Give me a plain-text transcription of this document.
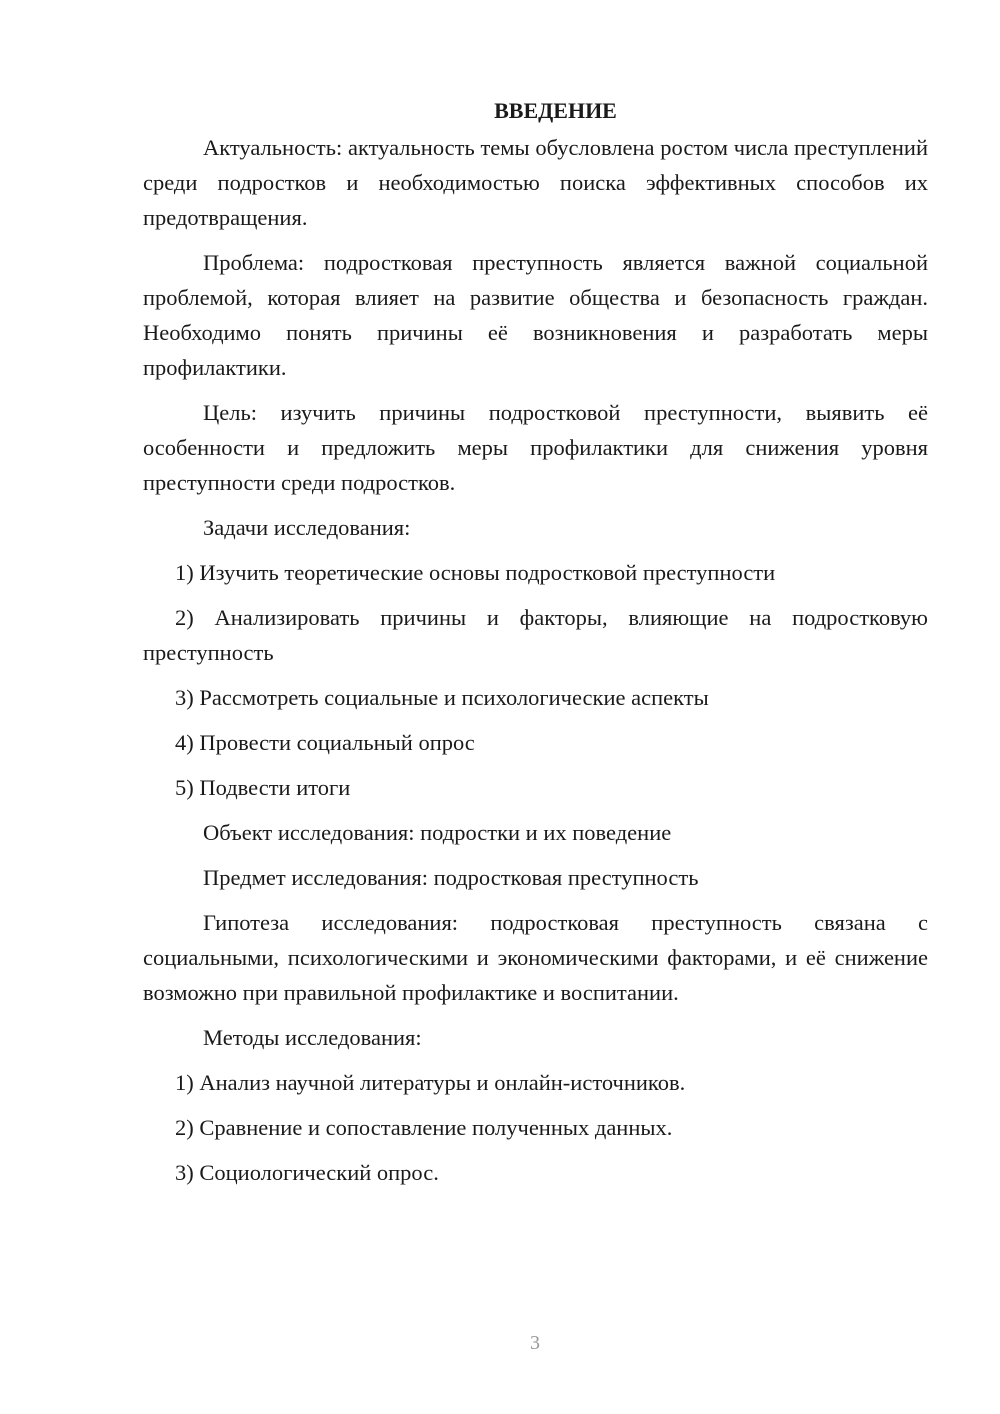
ВВЕДЕНИЕ

Актуальность: актуальность темы обусловлена ростом числа преступлений среди подростков и необходимостью поиска эффективных способов их предотвращения.

Проблема: подростковая преступность является важной социальной проблемой, которая влияет на развитие общества и безопасность граждан. Необходимо понять причины её возникновения и разработать меры профилактики.

Цель: изучить причины подростковой преступности, выявить её особенности и предложить меры профилактики для снижения уровня преступности среди подростков.

Задачи исследования:

1) Изучить теоретические основы подростковой преступности

2) Анализировать причины и факторы, влияющие на подростковую преступность

3) Рассмотреть социальные и психологические аспекты

4) Провести социальный опрос

5) Подвести итоги

Объект исследования: подростки и их поведение

Предмет исследования: подростковая преступность

Гипотеза исследования: подростковая преступность связана с социальными, психологическими и экономическими факторами, и её снижение возможно при правильной профилактике и воспитании.

Методы исследования:

1) Анализ научной литературы и онлайн-источников.

2) Сравнение и сопоставление полученных данных.

3) Социологический опрос.

3
